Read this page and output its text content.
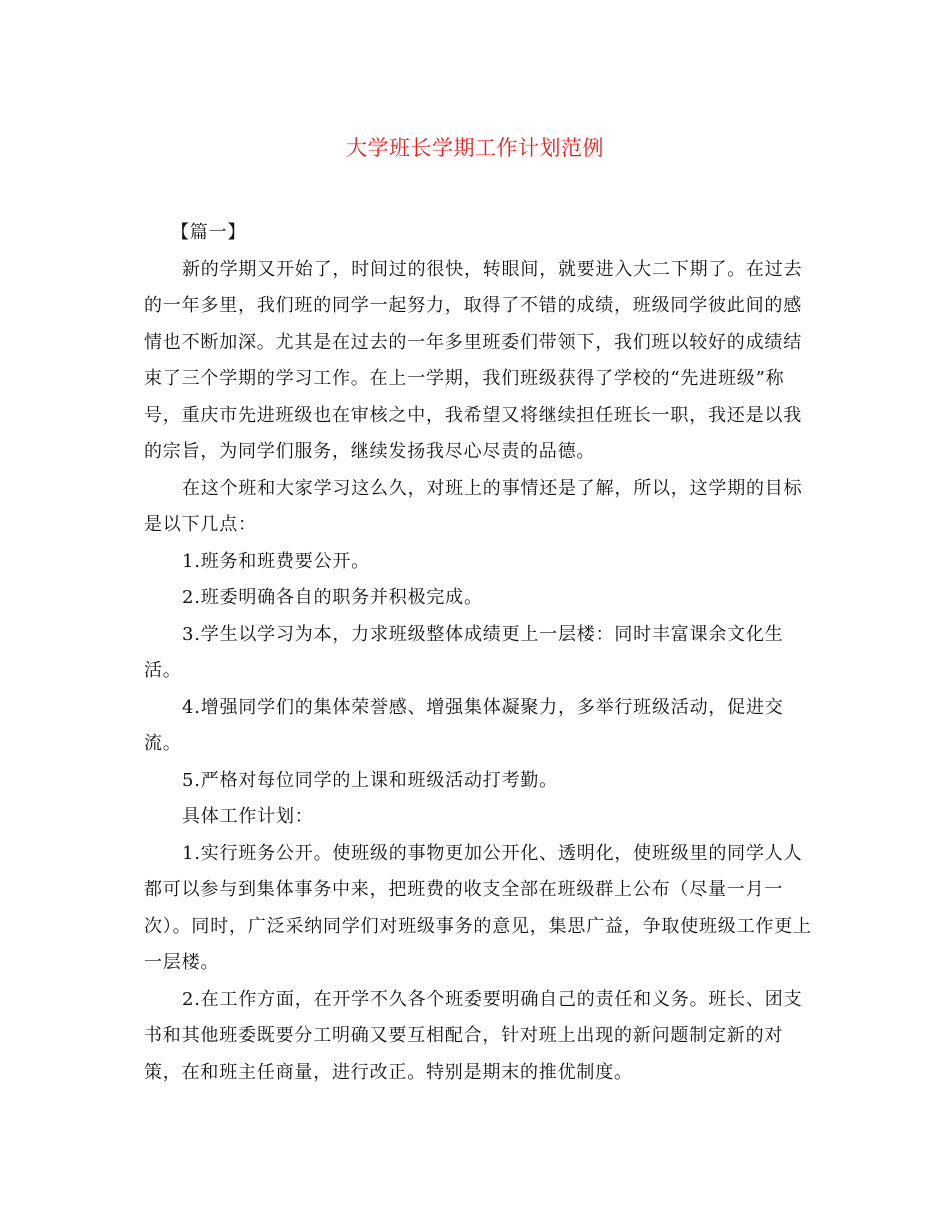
大学班长学期工作计划范例

【篇一】

新的学期又开始了，时间过的很快，转眼间，就要进入大二下期了。在过去的一年多里，我们班的同学一起努力，取得了不错的成绩，班级同学彼此间的感情也不断加深。尤其是在过去的一年多里班委们带领下，我们班以较好的成绩结束了三个学期的学习工作。在上一学期，我们班级获得了学校的“先进班级”称号，重庆市先进班级也在审核之中，我希望又将继续担任班长一职，我还是以我的宗旨，为同学们服务，继续发扬我尽心尽责的品德。

在这个班和大家学习这么久，对班上的事情还是了解，所以，这学期的目标是以下几点：

1.班务和班费要公开。

2.班委明确各自的职务并积极完成。

3.学生以学习为本，力求班级整体成绩更上一层楼：同时丰富课余文化生活。

4.增强同学们的集体荣誉感、增强集体凝聚力，多举行班级活动，促进交流。

5.严格对每位同学的上课和班级活动打考勤。

具体工作计划：

1.实行班务公开。使班级的事物更加公开化、透明化，使班级里的同学人人都可以参与到集体事务中来，把班费的收支全部在班级群上公布（尽量一月一次）。同时，广泛采纳同学们对班级事务的意见，集思广益，争取使班级工作更上一层楼。

2.在工作方面，在开学不久各个班委要明确自己的责任和义务。班长、团支书和其他班委既要分工明确又要互相配合，针对班上出现的新问题制定新的对策，在和班主任商量，进行改正。特别是期末的推优制度。
